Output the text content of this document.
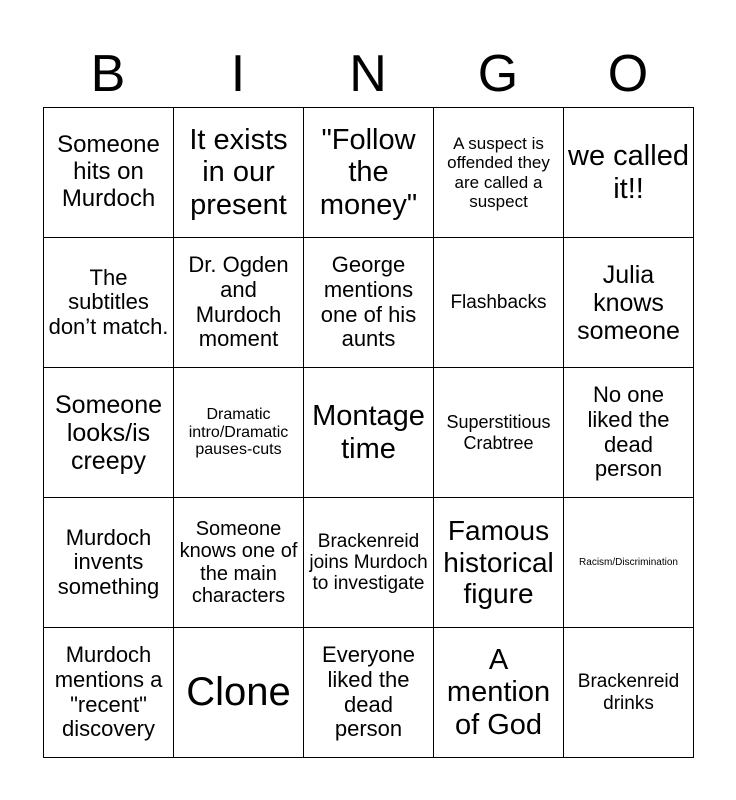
B	I	N	G	O
Someone hits on Murdoch	It exists in our present	"Follow the money"	A suspect is offended they are called a suspect	we called it!!
The subtitles don’t match.	Dr. Ogden and Murdoch moment	George mentions one of his aunts	Flashbacks	Julia knows someone
Someone looks/is creepy	Dramatic intro/Dramatic pauses-cuts	Montage time	Superstitious Crabtree	No one liked the dead person
Murdoch invents something	Someone knows one of the main characters	Brackenreid joins Murdoch to investigate	Famous historical figure	Racism/Discrimination
Murdoch mentions a "recent" discovery	Clone	Everyone liked the dead person	A mention of God	Brackenreid drinks
